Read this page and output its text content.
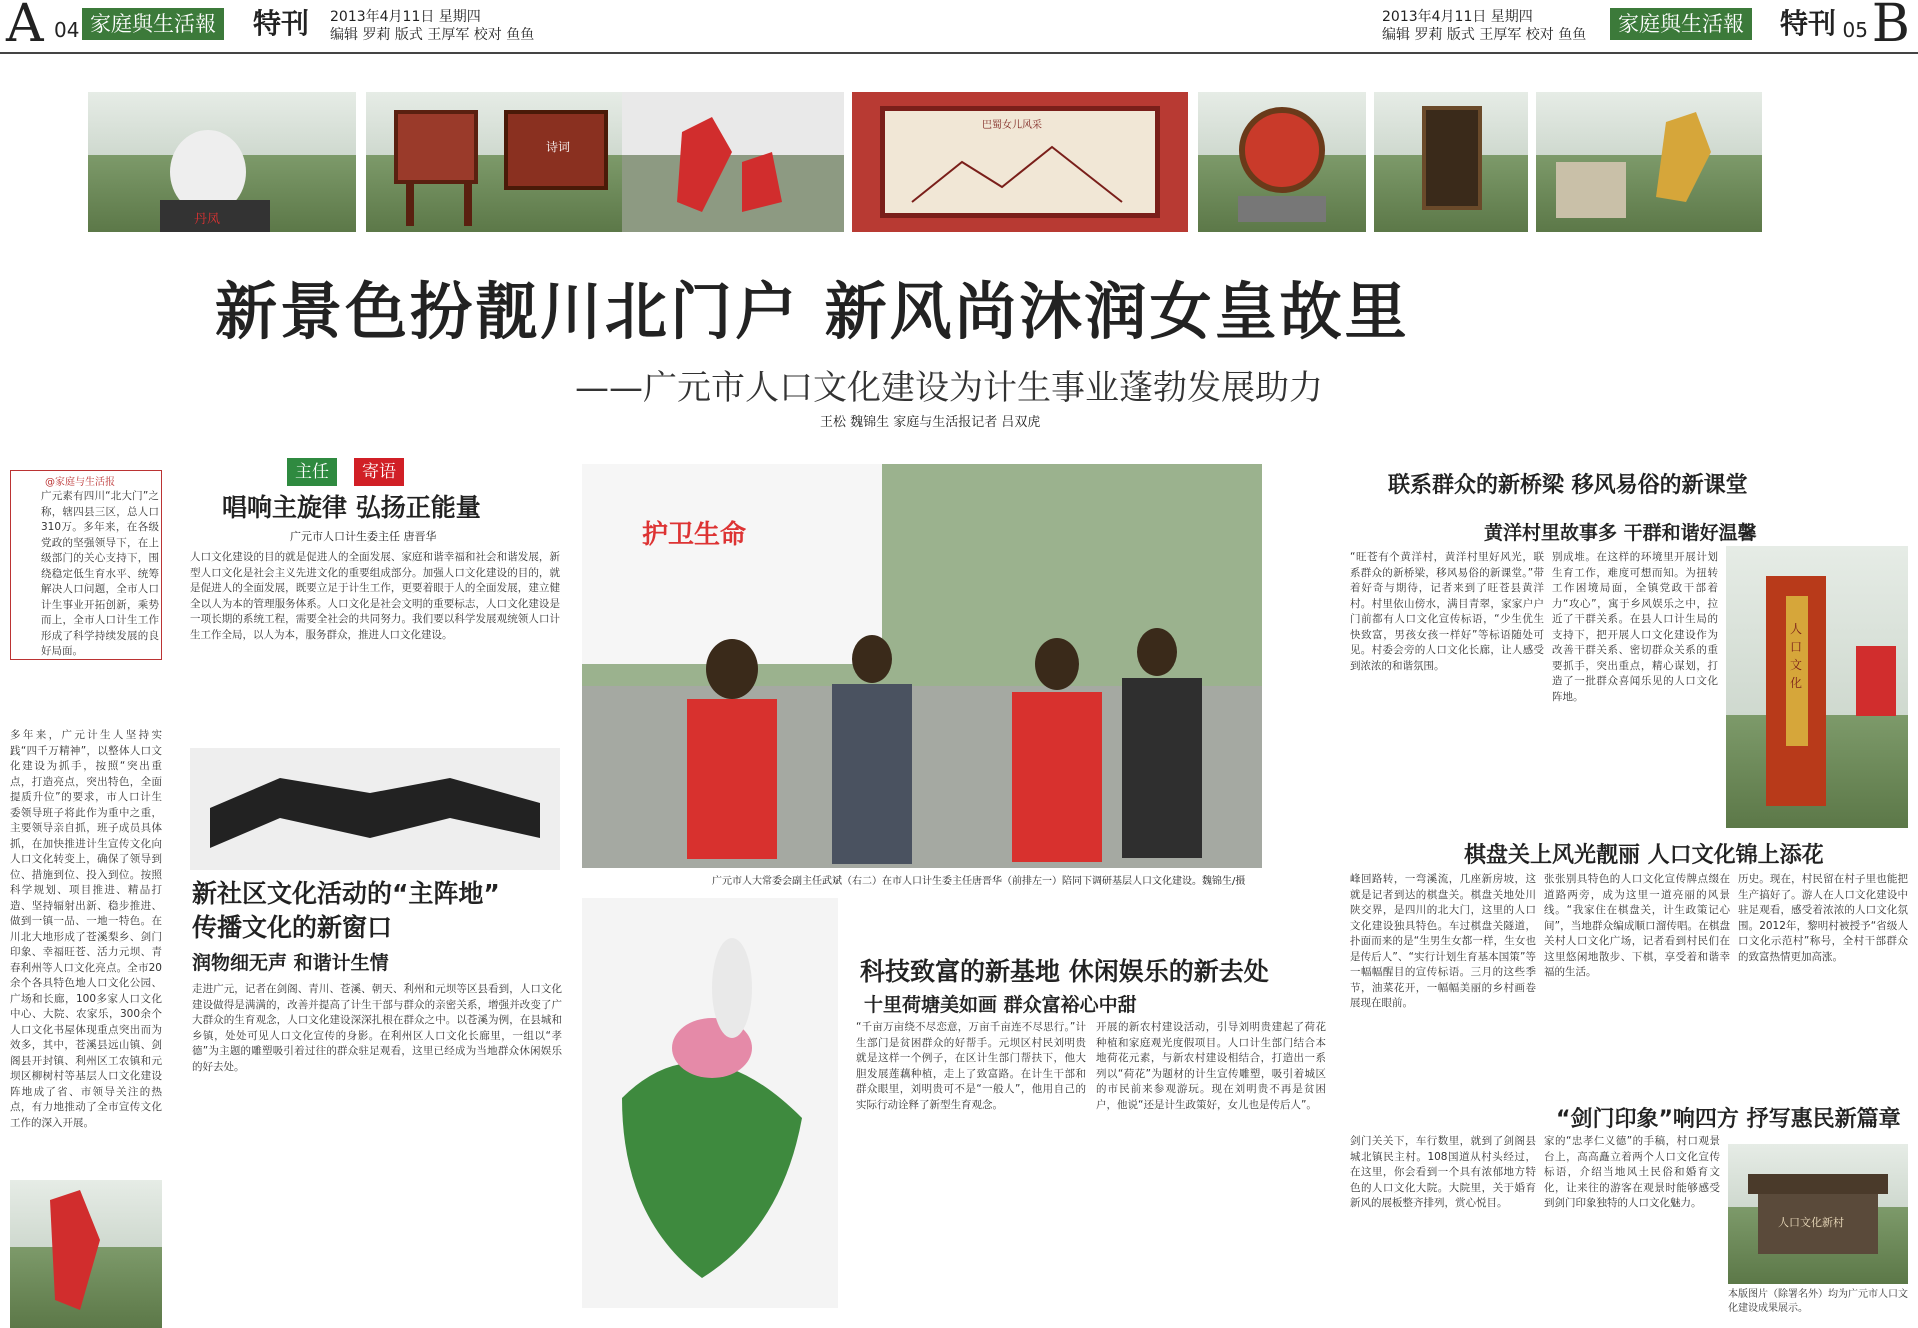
A 04 家庭與生活報 特刊 2013年4月11日 星期四
编辑 罗莉 版式 王厚军 校对 鱼鱼
2013年4月11日 星期四
编辑 罗莉 版式 王厚军 校对 鱼鱼	家庭與生活報 特刊 05 B
丹凤
诗词
巴蜀女儿风采
新景色扮靓川北门户 新风尚沐润女皇故里
——广元市人口文化建设为计生事业蓬勃发展助力
王松 魏锦生 家庭与生活报记者 吕双虎
@家庭与生活报
广元素有四川“北大门”之称，辖四县三区，总人口310万。多年来，在各级党政的坚强领导下，在上级部门的关心支持下，围绕稳定低生育水平、统筹解决人口问题，全市人口计生事业开拓创新，乘势而上，全市人口计生工作形成了科学持续发展的良好局面。
多年来，广元计生人坚持实践“四千万精神”，以整体人口文化建设为抓手，按照“突出重点，打造亮点，突出特色，全面提质升位”的要求，市人口计生委领导班子将此作为重中之重，主要领导亲自抓，班子成员具体抓，在加快推进计生宣传文化向人口文化转变上，确保了领导到位、措施到位、投入到位。按照科学规划、项目推进、精品打造、坚持辐射出新、稳步推进、做到一镇一品、一地一特色。在川北大地形成了苍溪梨乡、剑门印象、幸福旺苍、活力元坝、青春利州等人口文化亮点。全市20余个各具特色地人口文化公园、广场和长廊，100多家人口文化中心、大院、农家乐，300余个人口文化书屋体现重点突出而为效多，其中，苍溪县远山镇、剑阁县开封镇、利州区工农镇和元坝区柳树村等基层人口文化建设阵地成了省、市领导关注的热点，有力地推动了全市宣传文化工作的深入开展。
主任	寄语
唱响主旋律 弘扬正能量
广元市人口计生委主任 唐晋华
人口文化建设的目的就是促进人的全面发展、家庭和谐幸福和社会和谐发展，新型人口文化是社会主义先进文化的重要组成部分。加强人口文化建设的目的，就是促进人的全面发展，既要立足于计生工作，更要着眼于人的全面发展，建立健全以人为本的管理服务体系。人口文化是社会文明的重要标志，人口文化建设是一项长期的系统工程，需要全社会的共同努力。我们要以科学发展观统领人口计生工作全局，以人为本，服务群众，推进人口文化建设。
新社区文化活动的“主阵地”
传播文化的新窗口
润物细无声 和谐计生情
走进广元，记者在剑阁、青川、苍溪、朝天、利州和元坝等区县看到，人口文化建设做得是满满的，改善并提高了计生干部与群众的亲密关系，增强并改变了广大群众的生育观念，人口文化建设深深扎根在群众之中。以苍溪为例，在县城和乡镇，处处可见人口文化宣传的身影。在利州区人口文化长廊里，一组以“孝德”为主题的雕塑吸引着过往的群众驻足观看，这里已经成为当地群众休闲娱乐的好去处。
护卫生命
广元市人大常委会副主任武斌（右二）在市人口计生委主任唐晋华（前排左一）陪同下调研基层人口文化建设。魏锦生/摄
科技致富的新基地 休闲娱乐的新去处
十里荷塘美如画 群众富裕心中甜
“千亩万亩绕不尽恋意，万亩千亩连不尽思行。”计生部门是贫困群众的好帮手。元坝区村民刘明贵就是这样一个例子，在区计生部门帮扶下，他大胆发展莲藕种植，走上了致富路。在计生干部和群众眼里，刘明贵可不是“一般人”，他用自己的实际行动诠释了新型生育观念。
开展的新农村建设活动，引导刘明贵建起了荷花种植和家庭观光度假项目。人口计生部门结合本地荷花元素，与新农村建设相结合，打造出一系列以“荷花”为题材的计生宣传雕塑，吸引着城区的市民前来参观游玩。现在刘明贵不再是贫困户，他说“还是计生政策好，女儿也是传后人”。
联系群众的新桥梁 移风易俗的新课堂
黄洋村里故事多 干群和谐好温馨
“旺苍有个黄洋村，黄洋村里好风光，联系群众的新桥梁，移风易俗的新课堂。”带着好奇与期待，记者来到了旺苍县黄洋村。村里依山傍水，满目青翠，家家户户门前都有人口文化宣传标语，“少生优生快致富，男孩女孩一样好”等标语随处可见。村委会旁的人口文化长廊，让人感受到浓浓的和谐氛围。
别成堆。在这样的环境里开展计划生育工作，难度可想而知。为扭转工作困境局面，全镇党政干部着力“攻心”，寓于乡风娱乐之中，拉近了干群关系。在县人口计生局的支持下，把开展人口文化建设作为改善干群关系、密切群众关系的重要抓手，突出重点，精心谋划，打造了一批群众喜闻乐见的人口文化阵地。
人口文化
棋盘关上风光靓丽 人口文化锦上添花
峰回路转，一弯溪流，几座新房坡，这就是记者到达的棋盘关。棋盘关地处川陕交界，是四川的北大门，这里的人口文化建设独具特色。车过棋盘关隧道，扑面而来的是“生男生女都一样，生女也是传后人”、“实行计划生育基本国策”等一幅幅醒目的宣传标语。三月的这些季节，油菜花开，一幅幅美丽的乡村画卷展现在眼前。
张张别具特色的人口文化宣传牌点缀在道路两旁，成为这里一道亮丽的风景线。“我家住在棋盘关，计生政策记心间”，当地群众编成顺口溜传唱。在棋盘关村人口文化广场，记者看到村民们在这里悠闲地散步、下棋，享受着和谐幸福的生活。
历史。现在，村民留在村子里也能把生产搞好了。游人在人口文化建设中驻足观看，感受着浓浓的人口文化氛围。2012年，黎明村被授予“省级人口文化示范村”称号，全村干部群众的致富热情更加高涨。
“剑门印象”响四方 抒写惠民新篇章
剑门关关下，车行数里，就到了剑阁县城北镇民主村。108国道从村头经过，在这里，你会看到一个具有浓郁地方特色的人口文化大院。大院里，关于婚育新风的展板整齐排列，赏心悦目。
家的“忠孝仁义德”的手稿，村口观景台上，高高矗立着两个人口文化宣传标语，介绍当地风土民俗和婚育文化，让来往的游客在观景时能够感受到剑门印象独特的人口文化魅力。
人口文化新村
本版图片（除署名外）均为广元市人口文化建设成果展示。
